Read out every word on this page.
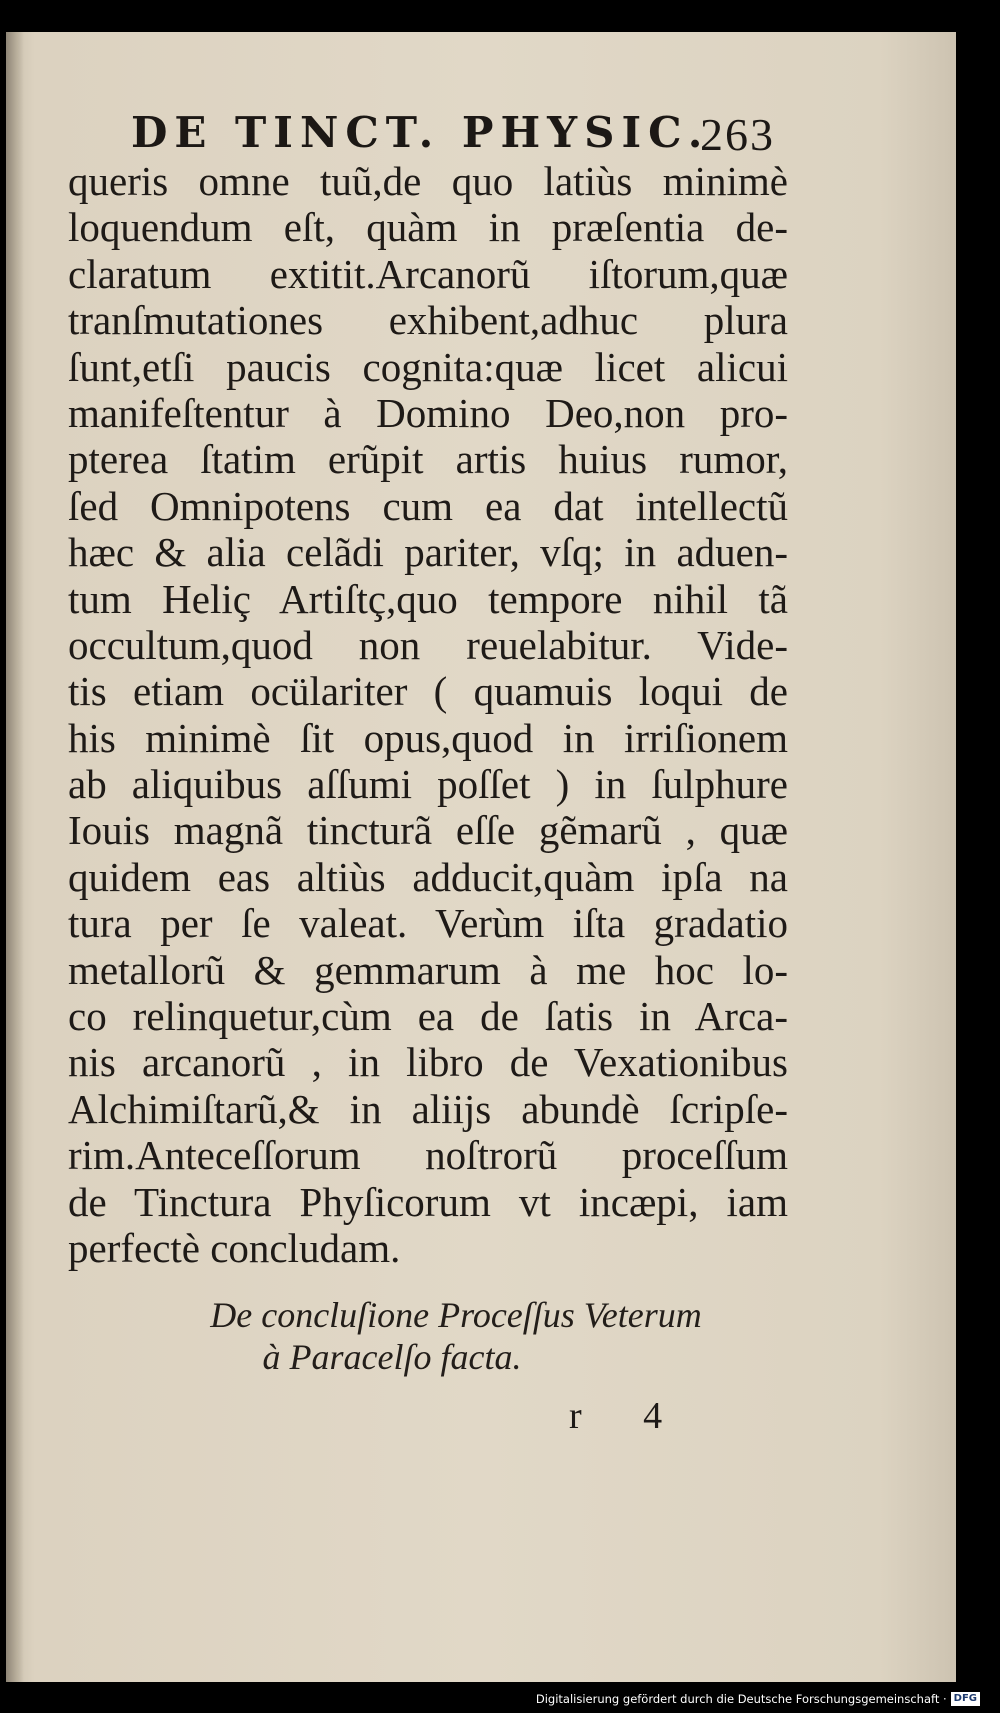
DE TINCT. PHYSIC.
263
queris omne tuũ,de quo latiùs minimè
loquendum eſt, quàm in præſentia de-
claratum extitit.Arcanorũ iſtorum,quæ
tranſmutationes exhibent,adhuc plura
ſunt,etſi paucis cognita:quæ licet alicui
manifeſtentur à Domino Deo,non pro-
pterea ſtatim erũpit artis huius rumor,
ſed Omnipotens cum ea dat intellectũ
hæc & alia celãdi pariter, vſq; in aduen-
tum Heliç Artiſtç,quo tempore nihil tã
occultum,quod non reuelabitur. Vide-
tis etiam ocülariter ( quamuis loqui de
his minimè ſit opus,quod in irriſionem
ab aliquibus aſſumi poſſet ) in ſulphure
Iouis magnã tincturã eſſe gẽmarũ , quæ
quidem eas altiùs adducit,quàm ipſa na
tura per ſe valeat. Verùm iſta gradatio
metallorũ & gemmarum à me hoc lo-
co relinquetur,cùm ea de ſatis in Arca-
nis arcanorũ , in libro de Vexationibus
Alchimiſtarũ,& in aliĳs abundè ſcripſe-
rim.Anteceſſorum noſtrorũ proceſſum
de Tinctura Phyſicorum vt incæpi, iam
perfectè concludam.
De concluſione Proceſſus Veterum
à Paracelſo facta.
r 4
Digitalisierung gefördert durch die Deutsche Forschungsgemeinschaft · DFG
